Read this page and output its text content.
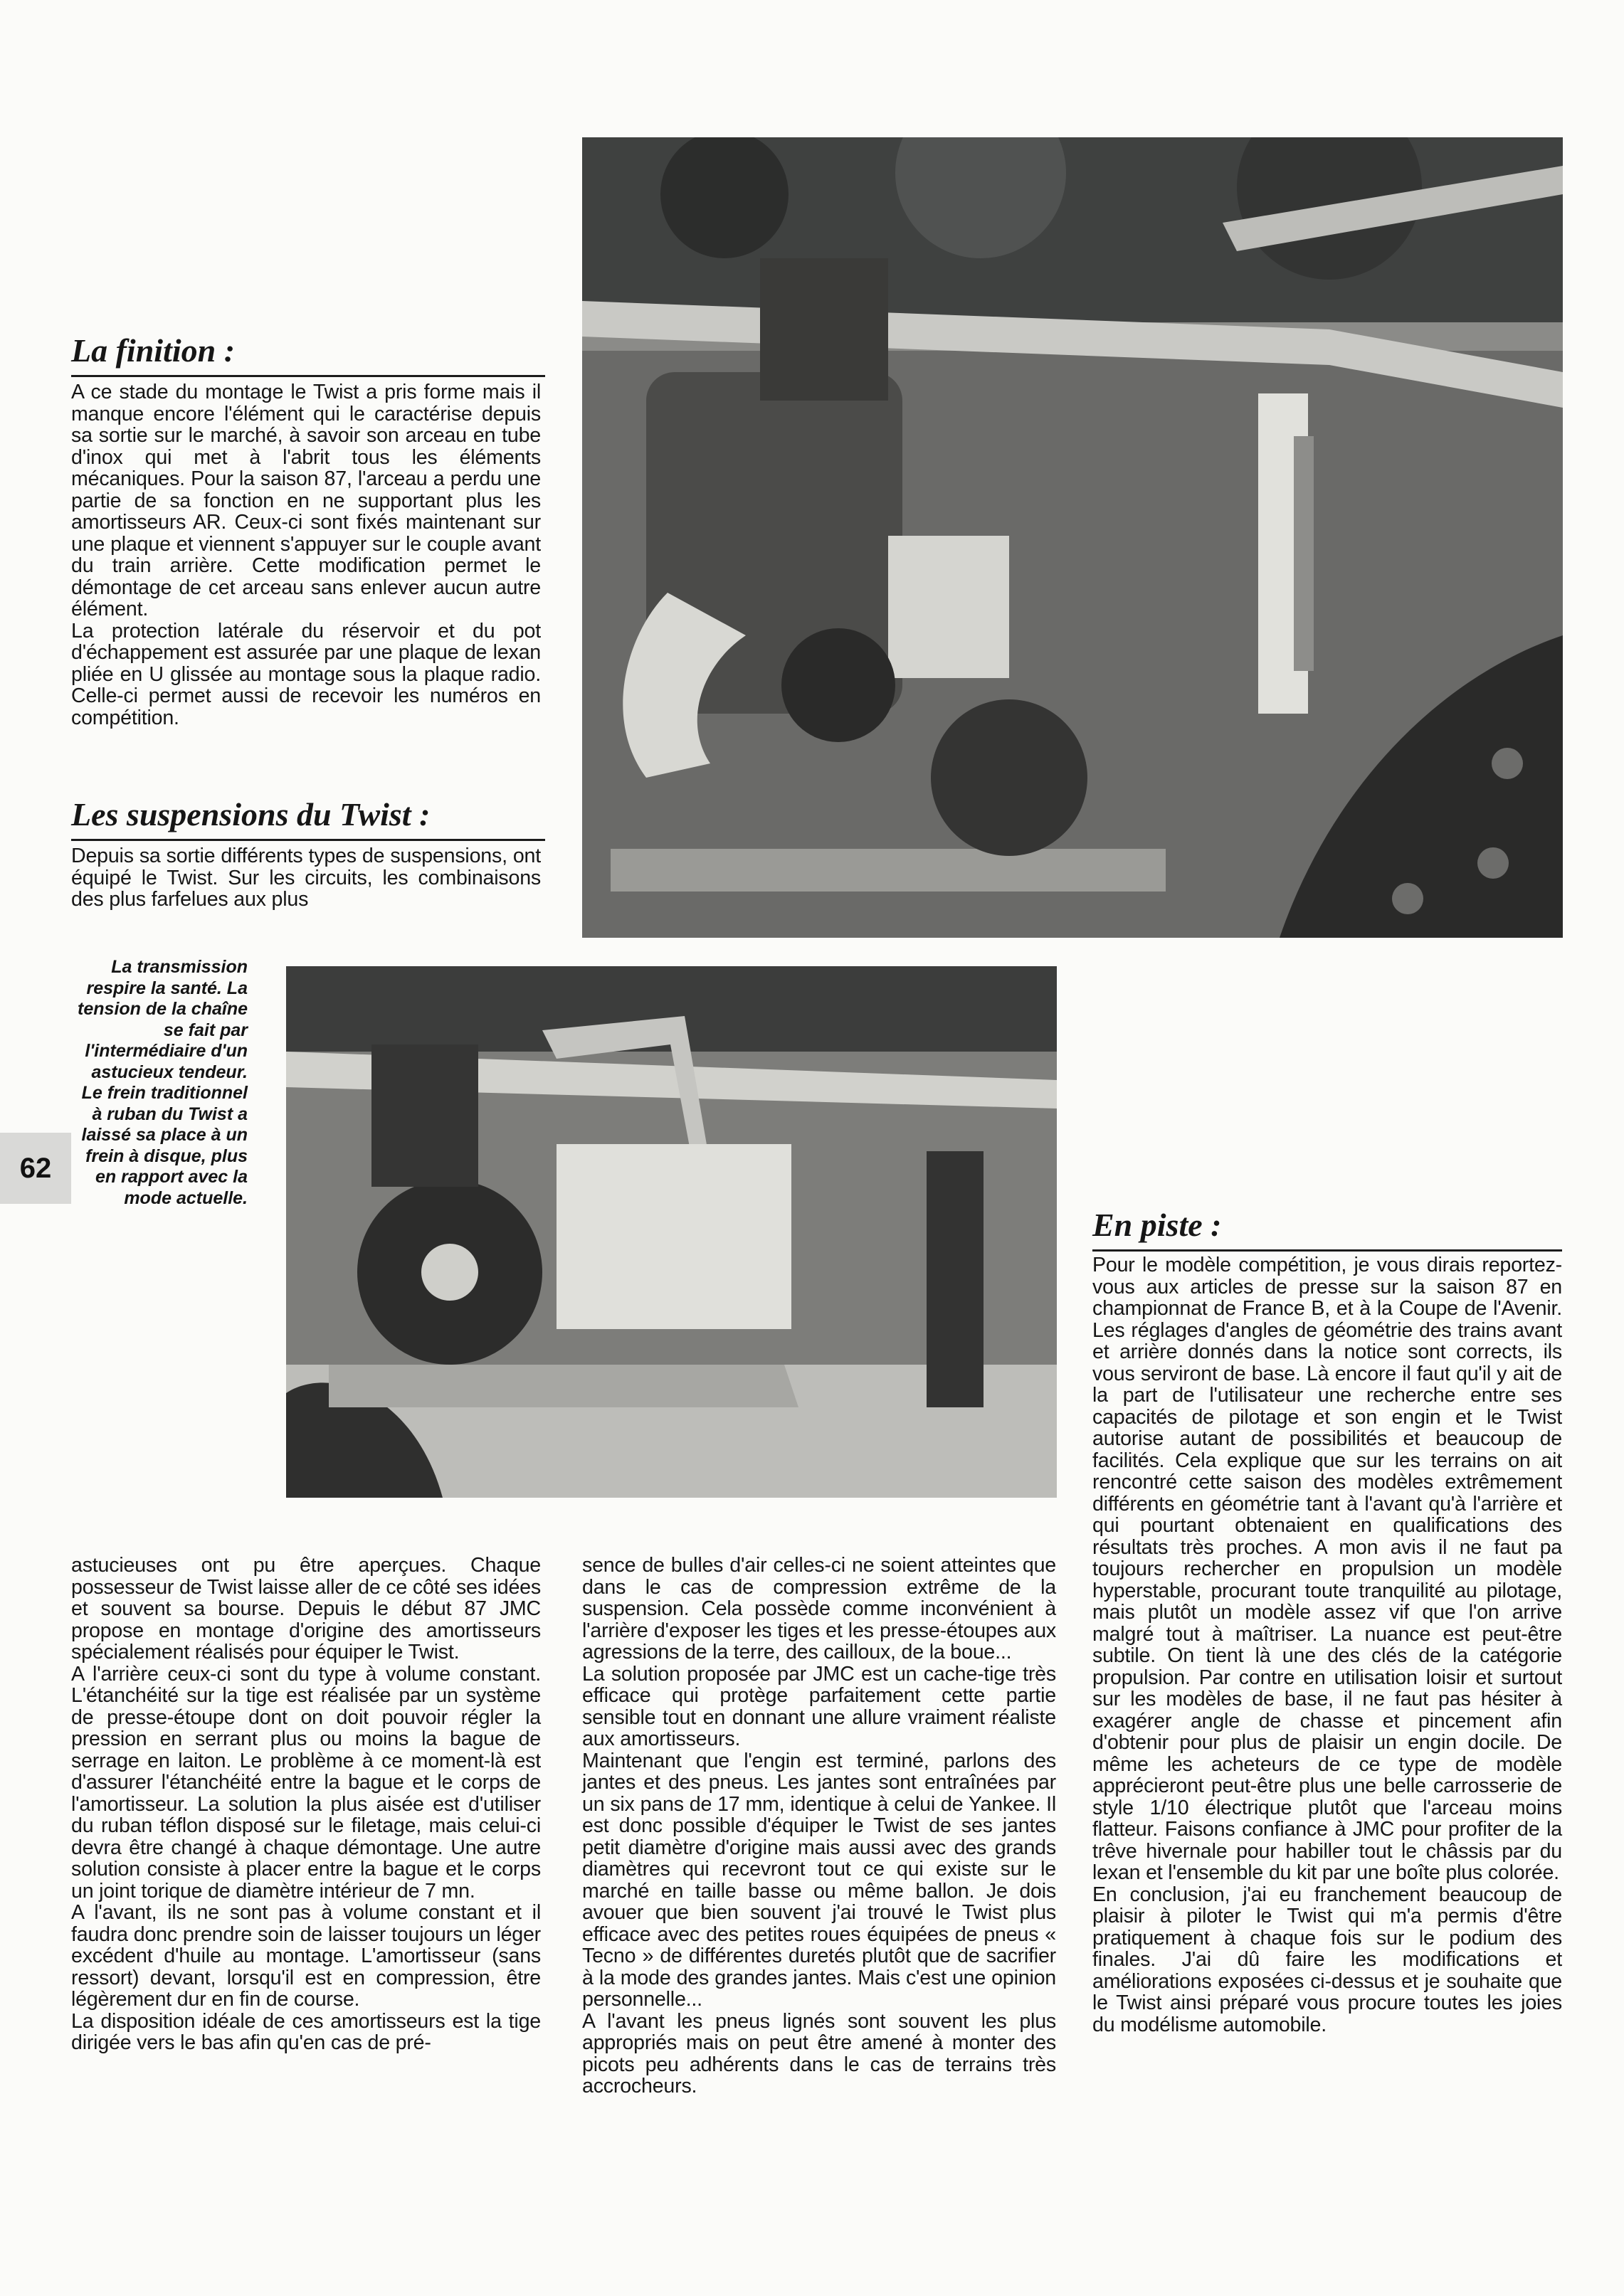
La finition :

A ce stade du montage le Twist a pris forme mais il manque encore l'élément qui le caractérise depuis sa sortie sur le marché, à savoir son arceau en tube d'inox qui met à l'abrit tous les éléments mécaniques. Pour la saison 87, l'arceau a perdu une partie de sa fonction en ne supportant plus les amortisseurs AR. Ceux-ci sont fixés maintenant sur une plaque et viennent s'appuyer sur le couple avant du train arrière. Cette modification permet le démontage de cet arceau sans enlever aucun autre élément.

La protection latérale du réservoir et du pot d'échappement est assurée par une plaque de lexan pliée en U glissée au montage sous la plaque radio. Celle-ci permet aussi de recevoir les numéros en compétition.

Les suspensions du Twist :

Depuis sa sortie différents types de suspensions, ont équipé le Twist. Sur les circuits, les combinaisons des plus farfelues aux plus

La transmission respire la santé. La tension de la chaîne se fait par l'intermédiaire d'un astucieux tendeur. Le frein traditionnel à ruban du Twist a laissé sa place à un frein à disque, plus en rapport avec la mode actuelle.
62
En piste :

Pour le modèle compétition, je vous dirais reportez-vous aux articles de presse sur la saison 87 en championnat de France B, et à la Coupe de l'Avenir. Les réglages d'angles de géométrie des trains avant et arrière donnés dans la notice sont corrects, ils vous serviront de base. Là encore il faut qu'il y ait de la part de l'utilisateur une recherche entre ses capacités de pilotage et son engin et le Twist autorise autant de possibilités et beaucoup de facilités. Cela explique que sur les terrains on ait rencontré cette saison des modèles extrêmement différents en géométrie tant à l'avant qu'à l'arrière et qui pourtant obtenaient en qualifications des résultats très proches. A mon avis il ne faut pa toujours rechercher en propulsion un modèle hyperstable, procurant toute tranquilité au pilotage, mais plutôt un modèle assez vif que l'on arrive malgré tout à maîtriser. La nuance est peut-être subtile. On tient là une des clés de la catégorie propulsion. Par contre en utilisation loisir et surtout sur les modèles de base, il ne faut pas hésiter à exagérer angle de chasse et pincement afin d'obtenir pour plus de plaisir un engin docile. De même les acheteurs de ce type de modèle apprécieront peut-être plus une belle carrosserie de style 1/10 électrique plutôt que l'arceau moins flatteur. Faisons confiance à JMC pour profiter de la trêve hivernale pour habiller tout le châssis par du lexan et l'ensemble du kit par une boîte plus colorée.

En conclusion, j'ai eu franchement beaucoup de plaisir à piloter le Twist qui m'a permis d'être pratiquement à chaque fois sur le podium des finales. J'ai dû faire les modifications et améliorations exposées ci-dessus et je souhaite que le Twist ainsi préparé vous procure toutes les joies du modélisme automobile.

astucieuses ont pu être aperçues. Chaque possesseur de Twist laisse aller de ce côté ses idées et souvent sa bourse. Depuis le début 87 JMC propose en montage d'origine des amortisseurs spécialement réalisés pour équiper le Twist.

A l'arrière ceux-ci sont du type à volume constant. L'étanchéité sur la tige est réalisée par un système de presse-étoupe dont on doit pouvoir régler la pression en serrant plus ou moins la bague de serrage en laiton. Le problème à ce moment-là est d'assurer l'étanchéité entre la bague et le corps de l'amortisseur. La solution la plus aisée est d'utiliser du ruban téflon disposé sur le filetage, mais celui-ci devra être changé à chaque démontage. Une autre solution consiste à placer entre la bague et le corps un joint torique de diamètre intérieur de 7 mn.

A l'avant, ils ne sont pas à volume constant et il faudra donc prendre soin de laisser toujours un léger excédent d'huile au montage. L'amortisseur (sans ressort) devant, lorsqu'il est en compression, être légèrement dur en fin de course.

La disposition idéale de ces amortisseurs est la tige dirigée vers le bas afin qu'en cas de pré-

sence de bulles d'air celles-ci ne soient atteintes que dans le cas de compression extrême de la suspension. Cela possède comme inconvénient à l'arrière d'exposer les tiges et les presse-étoupes aux agressions de la terre, des cailloux, de la boue...

La solution proposée par JMC est un cache-tige très efficace qui protège parfaitement cette partie sensible tout en donnant une allure vraiment réaliste aux amortisseurs.

Maintenant que l'engin est terminé, parlons des jantes et des pneus. Les jantes sont entraînées par un six pans de 17 mm, identique à celui de Yankee. Il est donc possible d'équiper le Twist de ses jantes petit diamètre d'origine mais aussi avec des grands diamètres qui recevront tout ce qui existe sur le marché en taille basse ou même ballon. Je dois avouer que bien souvent j'ai trouvé le Twist plus efficace avec des petites roues équipées de pneus « Tecno » de différentes duretés plutôt que de sacrifier à la mode des grandes jantes. Mais c'est une opinion personnelle...

A l'avant les pneus lignés sont souvent les plus appropriés mais on peut être amené à monter des picots peu adhérents dans le cas de terrains très accrocheurs.
